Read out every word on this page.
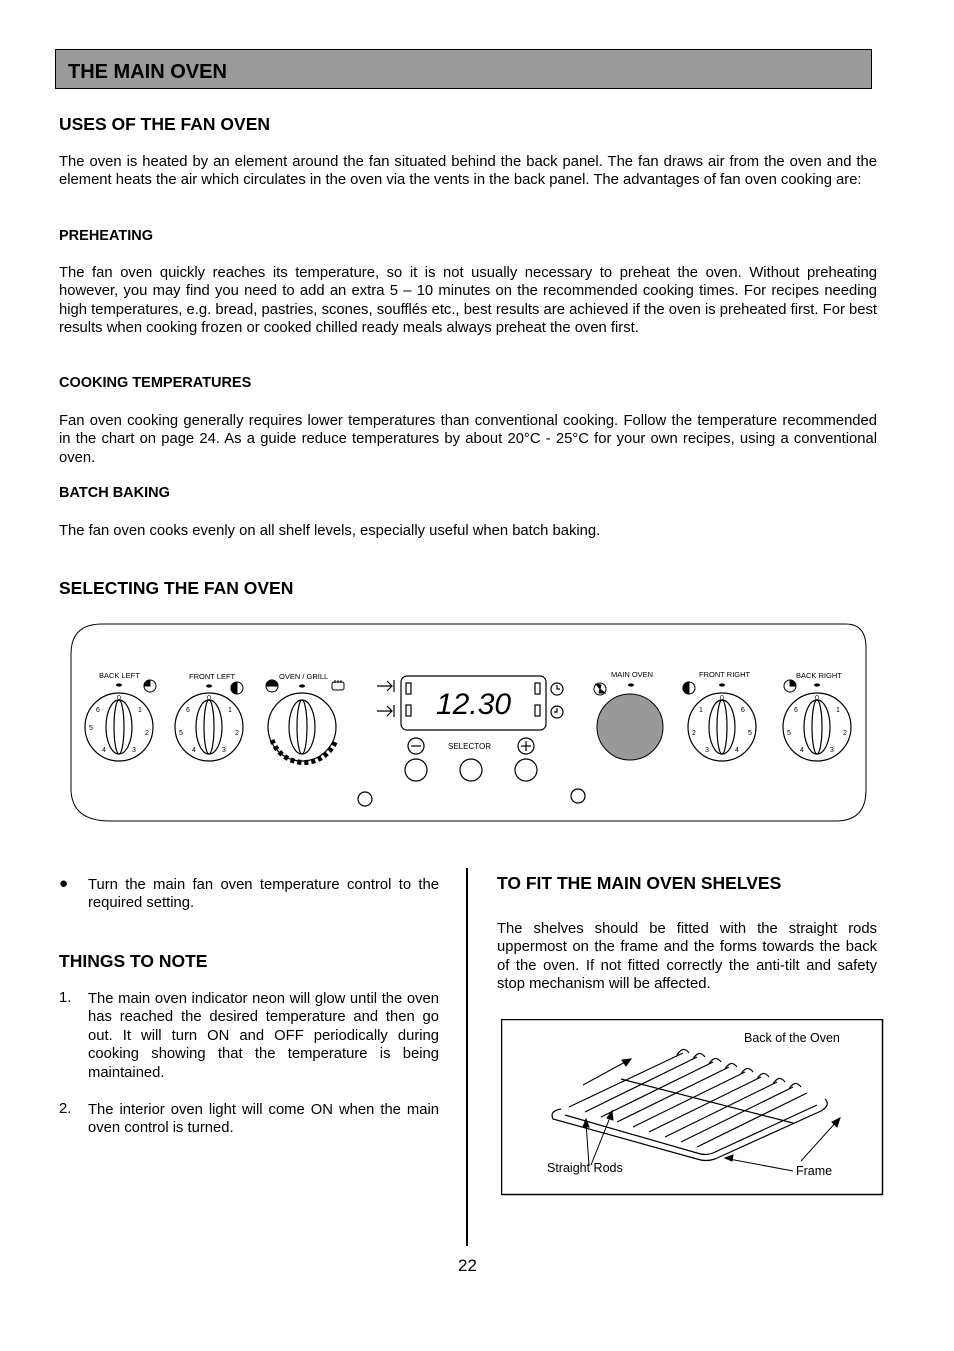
THE MAIN OVEN
USES OF THE FAN OVEN

The oven is heated by an element around the fan situated behind the back panel. The fan draws air from the oven and the element heats the air which circulates in the oven via the vents in the back panel. The advantages of fan oven cooking are:

PREHEATING

The fan oven quickly reaches its temperature, so it is not usually necessary to preheat the oven. Without preheating however, you may find you need to add an extra 5 – 10 minutes on the recommended cooking times. For recipes needing high temperatures, e.g. bread, pastries, scones, soufflés etc., best results are achieved if the oven is preheated first. For best results when cooking frozen or cooked chilled ready meals always preheat the oven first.

COOKING TEMPERATURES

Fan oven cooking generally requires lower temperatures than conventional cooking. Follow the temperature recommended in the chart on page 24. As a guide reduce temperatures by about 20°C - 25°C for your own recipes, using a conventional oven.

BATCH BAKING

The fan oven cooks evenly on all shelf levels, especially useful when batch baking.

SELECTING THE FAN OVEN
BACK LEFT	FRONT LEFT	OVEN / GRILL	MAIN OVEN	FRONT RIGHT	BACK RIGHT
0
6	1
5
2
4	3
0
6	1
5	2
4	3
0
1	6
2	5
3	4
0
6	1
5	2
4	3
12.30
SELECTOR
● Turn the main fan oven temperature control to the required setting.

THINGS TO NOTE
1. The main oven indicator neon will glow until the oven has reached the desired temperature and then go out. It will turn ON and OFF periodically during cooking showing that the temperature is being maintained.

2. The interior oven light will come ON when the main oven control is turned.

TO FIT THE MAIN OVEN SHELVES

The shelves should be fitted with the straight rods uppermost on the frame and the forms towards the back of the oven. If not fitted correctly the anti-tilt and safety stop mechanism will be affected.

Back of the Oven
Straight Rods	Frame
22
